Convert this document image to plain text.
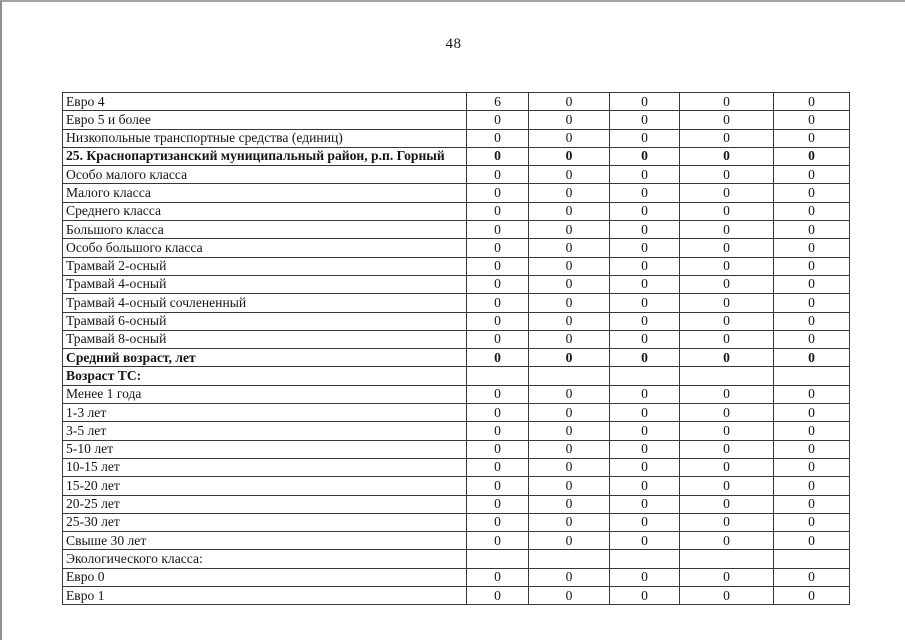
48
Евро 4	6	0	0	0	0
Евро 5 и более	0	0	0	0	0
Низкопольные транспортные средства (единиц)	0	0	0	0	0
25. Краснопартизанский муниципальный район, р.п. Горный	0	0	0	0	0
Особо малого класса	0	0	0	0	0
Малого класса	0	0	0	0	0
Среднего класса	0	0	0	0	0
Большого класса	0	0	0	0	0
Особо большого класса	0	0	0	0	0
Трамвай 2-осный	0	0	0	0	0
Трамвай 4-осный	0	0	0	0	0
Трамвай 4-осный сочлененный	0	0	0	0	0
Трамвай 6-осный	0	0	0	0	0
Трамвай 8-осный	0	0	0	0	0
Средний возраст, лет	0	0	0	0	0
Возраст ТС:					
Менее 1 года	0	0	0	0	0
1-3 лет	0	0	0	0	0
3-5 лет	0	0	0	0	0
5-10 лет	0	0	0	0	0
10-15 лет	0	0	0	0	0
15-20 лет	0	0	0	0	0
20-25 лет	0	0	0	0	0
25-30 лет	0	0	0	0	0
Свыше 30 лет	0	0	0	0	0
Экологического класса:					
Евро 0	0	0	0	0	0
Евро 1	0	0	0	0	0
